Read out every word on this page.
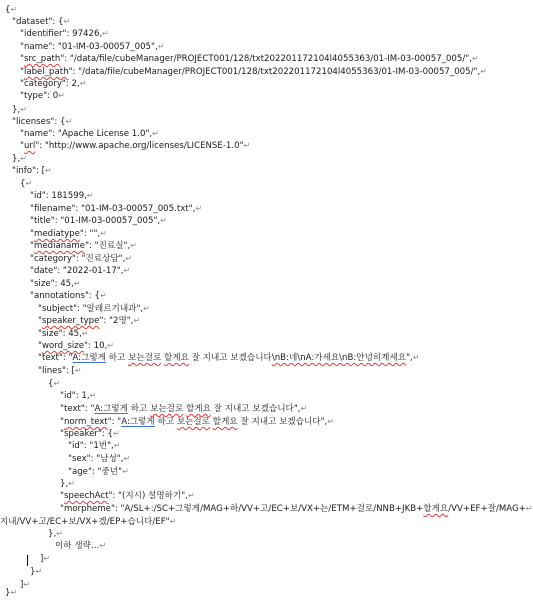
{↵
"dataset": {↵
"identifier": 97426,↵
"name": "01-IM-03-00057_005",↵
"src_path": "/data/file/cubeManager/PROJECT001/128/txt202201172104l4055363/01-IM-03-00057_005/",↵
"label_path": "/data/file/cubeManager/PROJECT001/128/txt202201172104l4055363/01-IM-03-00057_005/",↵
"category": 2,↵
"type": 0↵
},↵
"licenses": {↵
"name": "Apache License 1.0",↵
"url": "http://www.apache.org/licenses/LICENSE-1.0"↵
},↵
"info": [↵
{↵
"id": 181599,↵
"filename": "01-IM-03-00057_005.txt",↵
"title": "01-IM-03-00057_005",↵
"mediatype": "",↵
"medianame": "진료실",↵
"category": "진료상담",↵
"date": "2022-01-17",↵
"size": 45,↵
"annotations": {↵
"subject": "알레르기내과",↵
"speaker_type": "2명",↵
"size": 45,↵
"word_size": 10,↵
"text": "A:그렇게 하고 보는걸로 할게요 잘 지내고 보겠습니다\nB:네\nA:가세요\nB:안녕히계세요",↵
"lines": [↵
{↵
"id": 1,↵
"text": "A:그렇게 하고 보는걸로 할게요 잘 지내고 보겠습니다",↵
"norm_text": "A:그렇게 하고 보는걸로 할게요 잘 지내고 보겠습니다",↵
"speaker": {↵
"id": "1번",↵
"sex": "남성",↵
"age": "중년"↵
},↵
"speechAct": "(지시) 설명하기",↵
"morpheme": "A/SL+:/SC+그렇게/MAG+하/VV+고/EC+보/VX+는/ETM+걸로/NNB+JKB+할게요/VV+EF+잘/MAG+↵
지내/VV+고/EC+보/VX+겠/EP+습니다/EF"↵
},↵
이하 생략…↵
]↵
}↵
]↵
}↵
